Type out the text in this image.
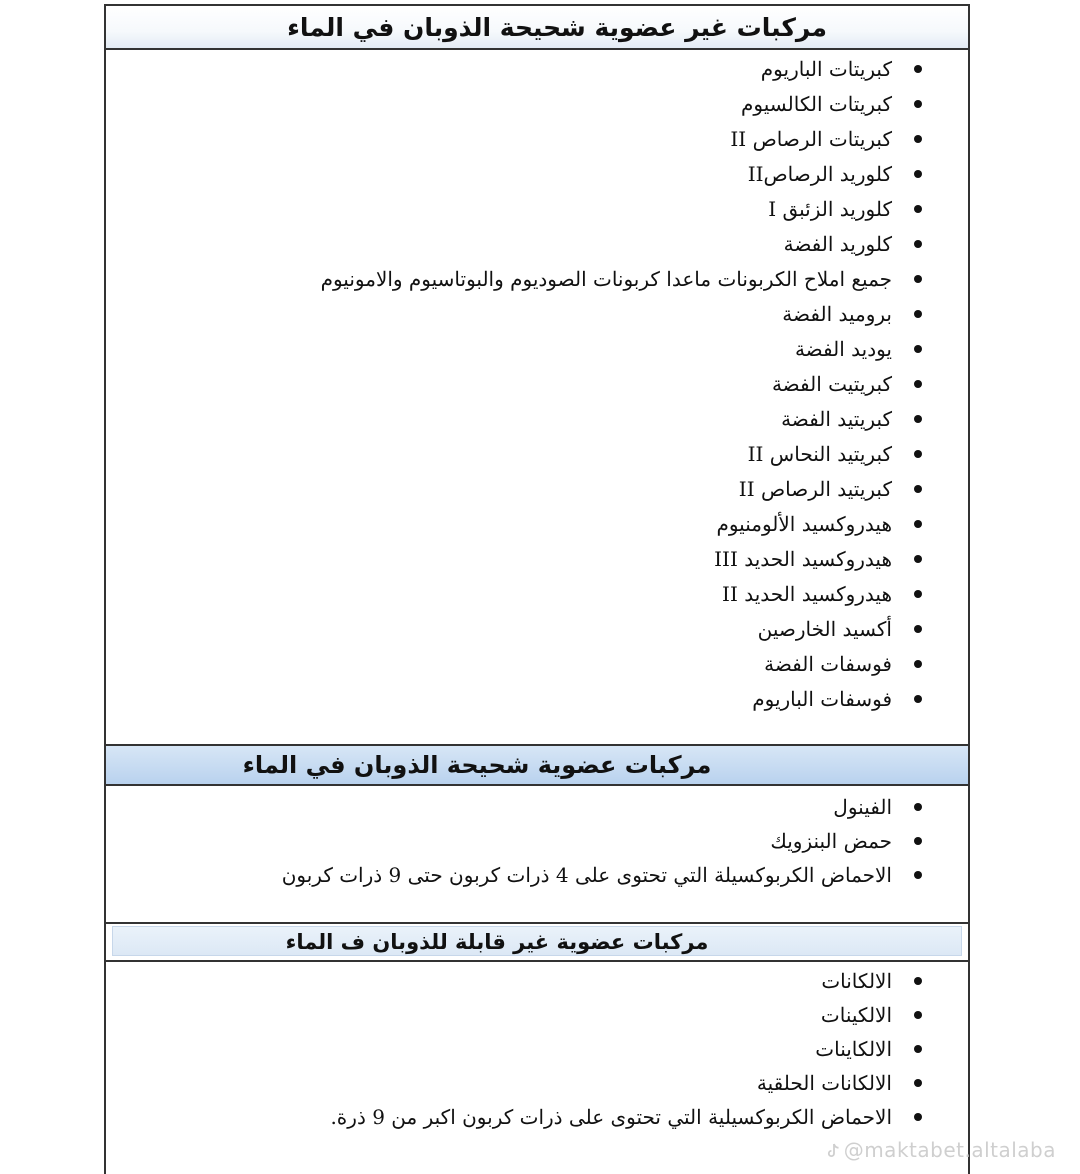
مركبات غير عضوية شحيحة الذوبان في الماء
كبريتات الباريوم
كبريتات الكالسيوم
كبريتات الرصاص II
كلوريد الرصاصII
كلوريد الزئبق I
كلوريد الفضة
جميع املاح الكربونات ماعدا كربونات الصوديوم والبوتاسيوم والامونيوم
بروميد الفضة
يوديد الفضة
كبريتيت الفضة
كبريتيد الفضة
كبريتيد النحاس II
كبريتيد الرصاص II
هيدروكسيد الألومنيوم
هيدروكسيد الحديد III
هيدروكسيد الحديد II
أكسيد الخارصين
فوسفات الفضة
فوسفات الباريوم
مركبات عضوية شحيحة الذوبان في الماء
الفينول
حمض البنزويك
الاحماض الكربوكسيلة التي تحتوى على 4 ذرات كربون حتى 9 ذرات كربون
مركبات عضوية غير قابلة للذوبان ف الماء
الالكانات
الالكينات
الالكاينات
الالكانات الحلقية
الاحماض الكربوكسيلية التي تحتوى على ذرات كربون اكبر من 9 ذرة.
@maktabet.altalaba
